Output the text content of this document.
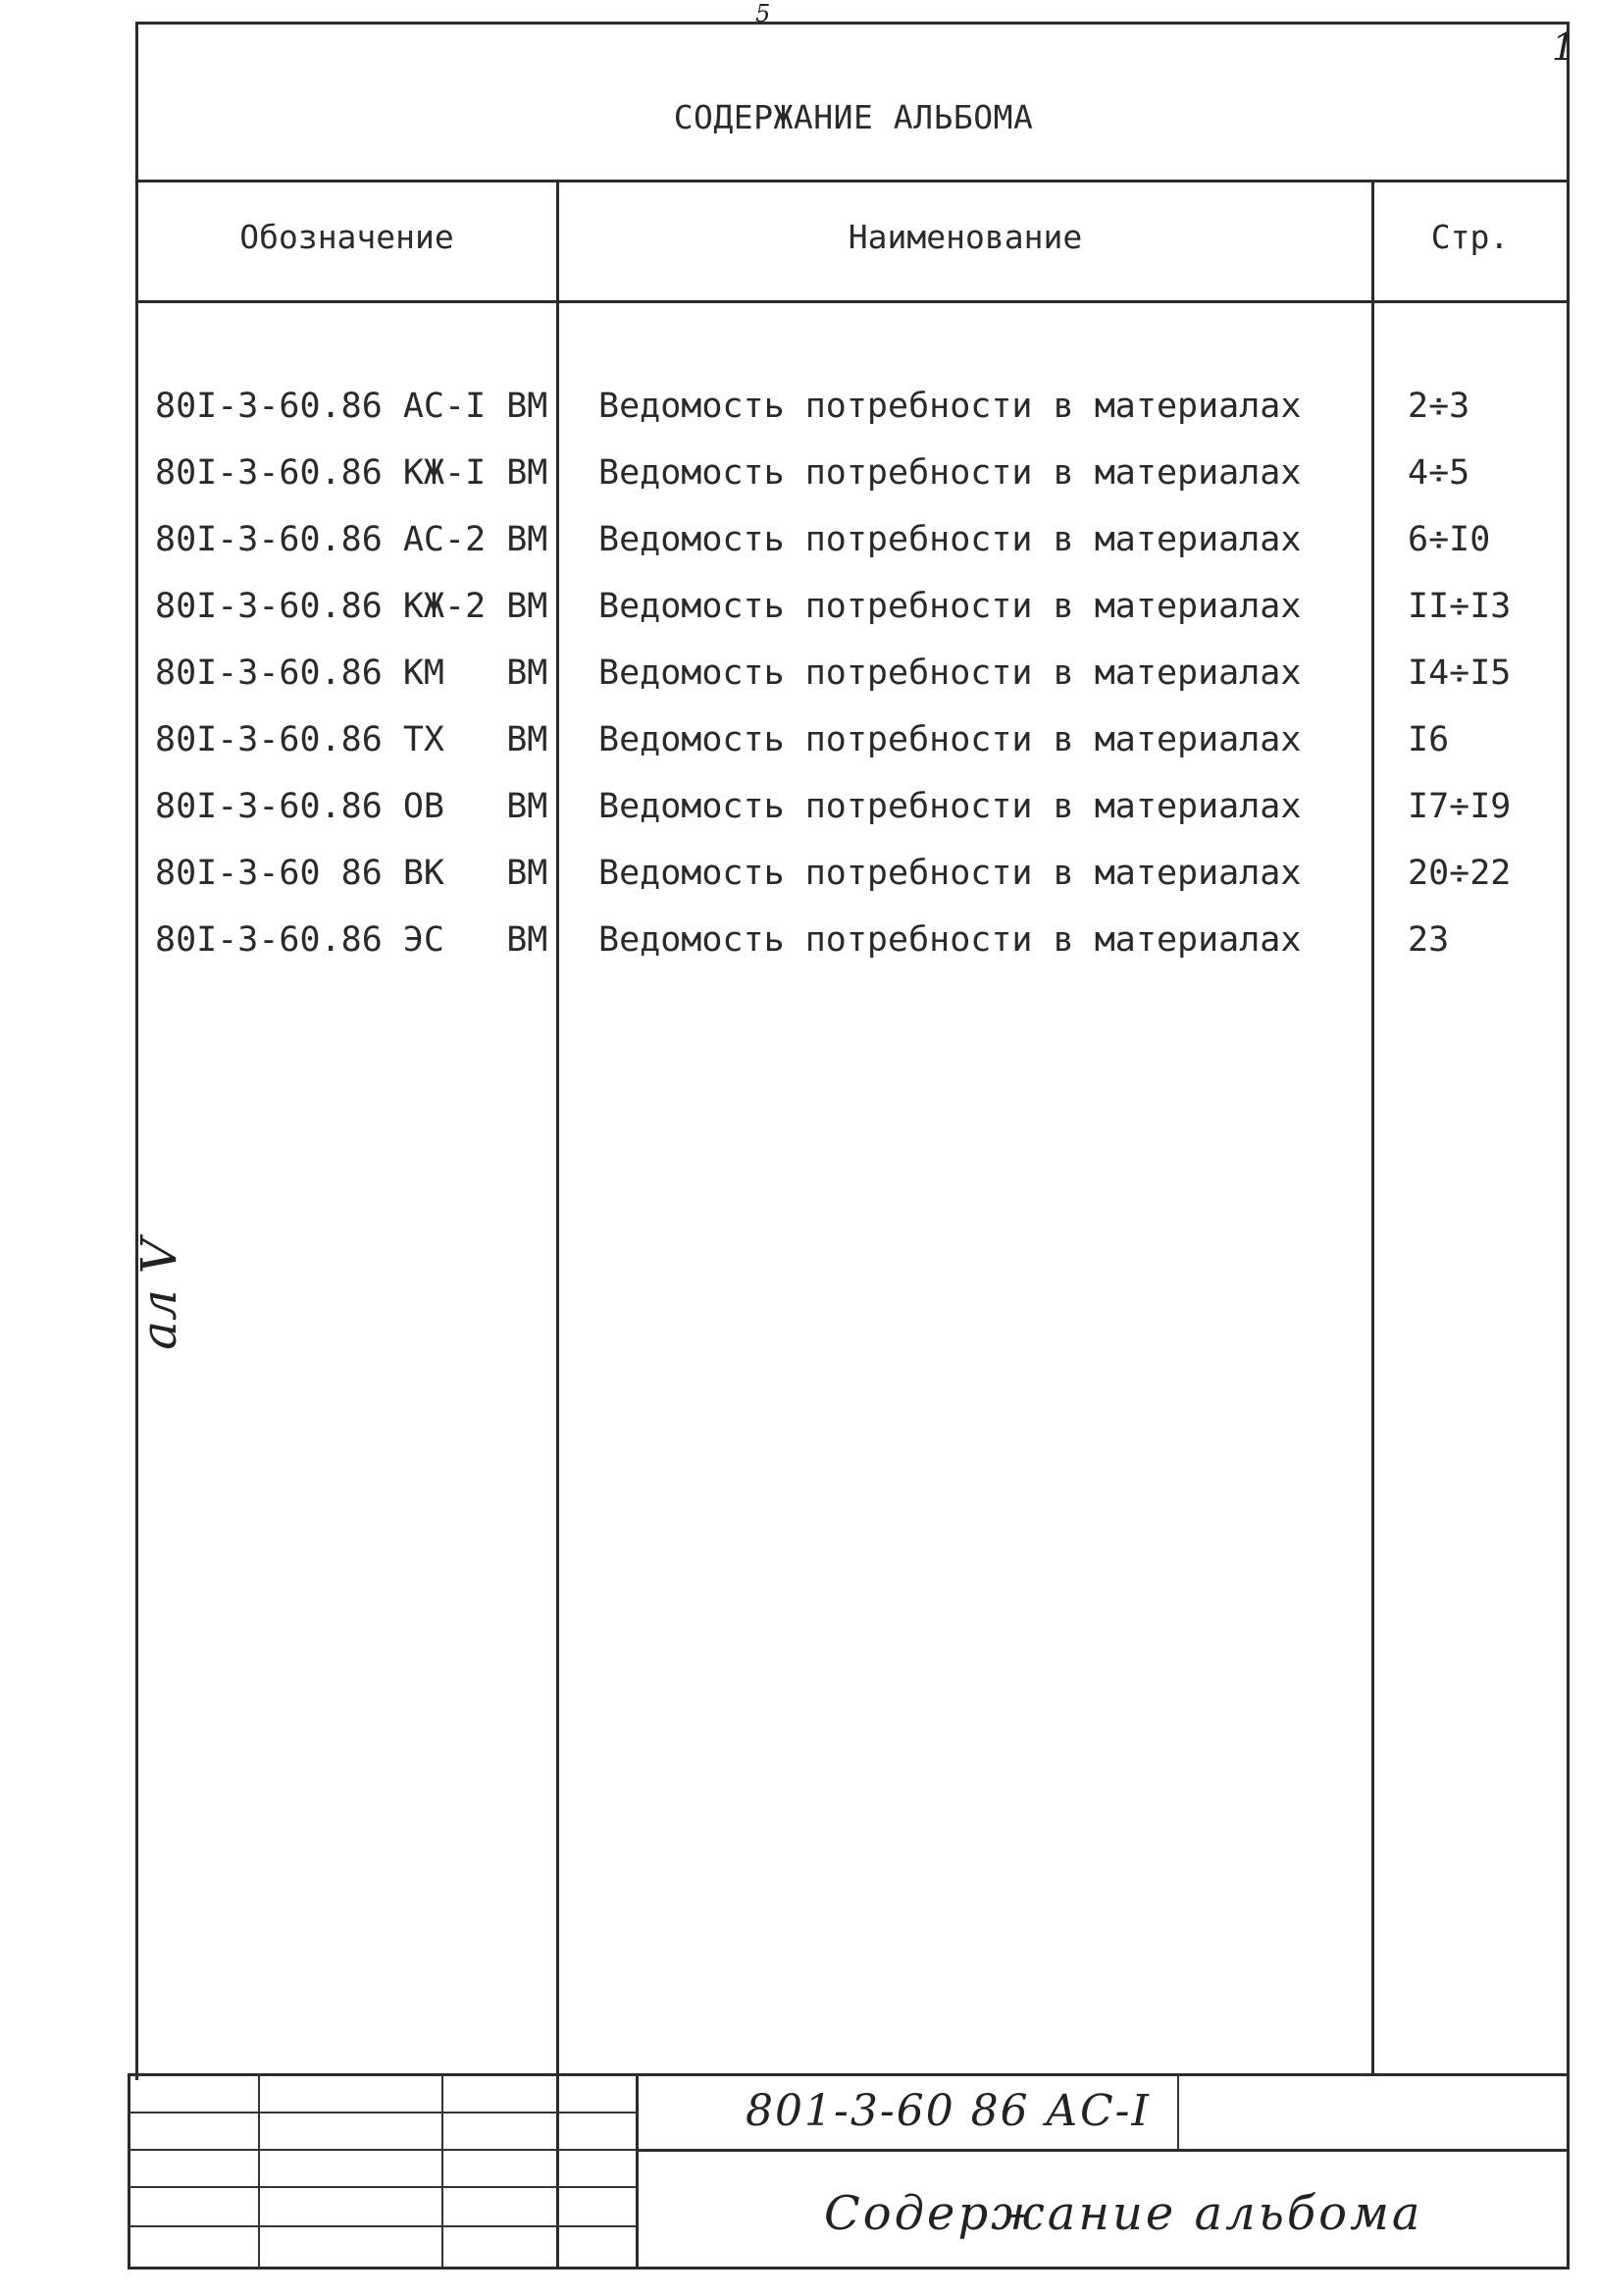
СОДЕРЖАНИЕ АЛЬБОМА
1
5
ал V
Обозначение	Наименование	Стр.
80I-3-60.86 АС-I ВМ Ведомость потребности в материалах	2÷3
80I-3-60.86 КЖ-I ВМ Ведомость потребности в материалах	4÷5
80I-3-60.86 АС-2 ВМ Ведомость потребности в материалах	6÷I0
80I-3-60.86 КЖ-2 ВМ Ведомость потребности в материалах	II÷I3
80I-3-60.86 КМ   ВМ Ведомость потребности в материалах	I4÷I5
80I-3-60.86 ТХ   ВМ Ведомость потребности в материалах	I6
80I-3-60.86 ОВ   ВМ Ведомость потребности в материалах	I7÷I9
80I-3-60 86 ВК   ВМ Ведомость потребности в материалах	20÷22
80I-3-60.86 ЭС   ВМ Ведомость потребности в материалах	23
801-3-60 86 АС-І
Содержание альбома
